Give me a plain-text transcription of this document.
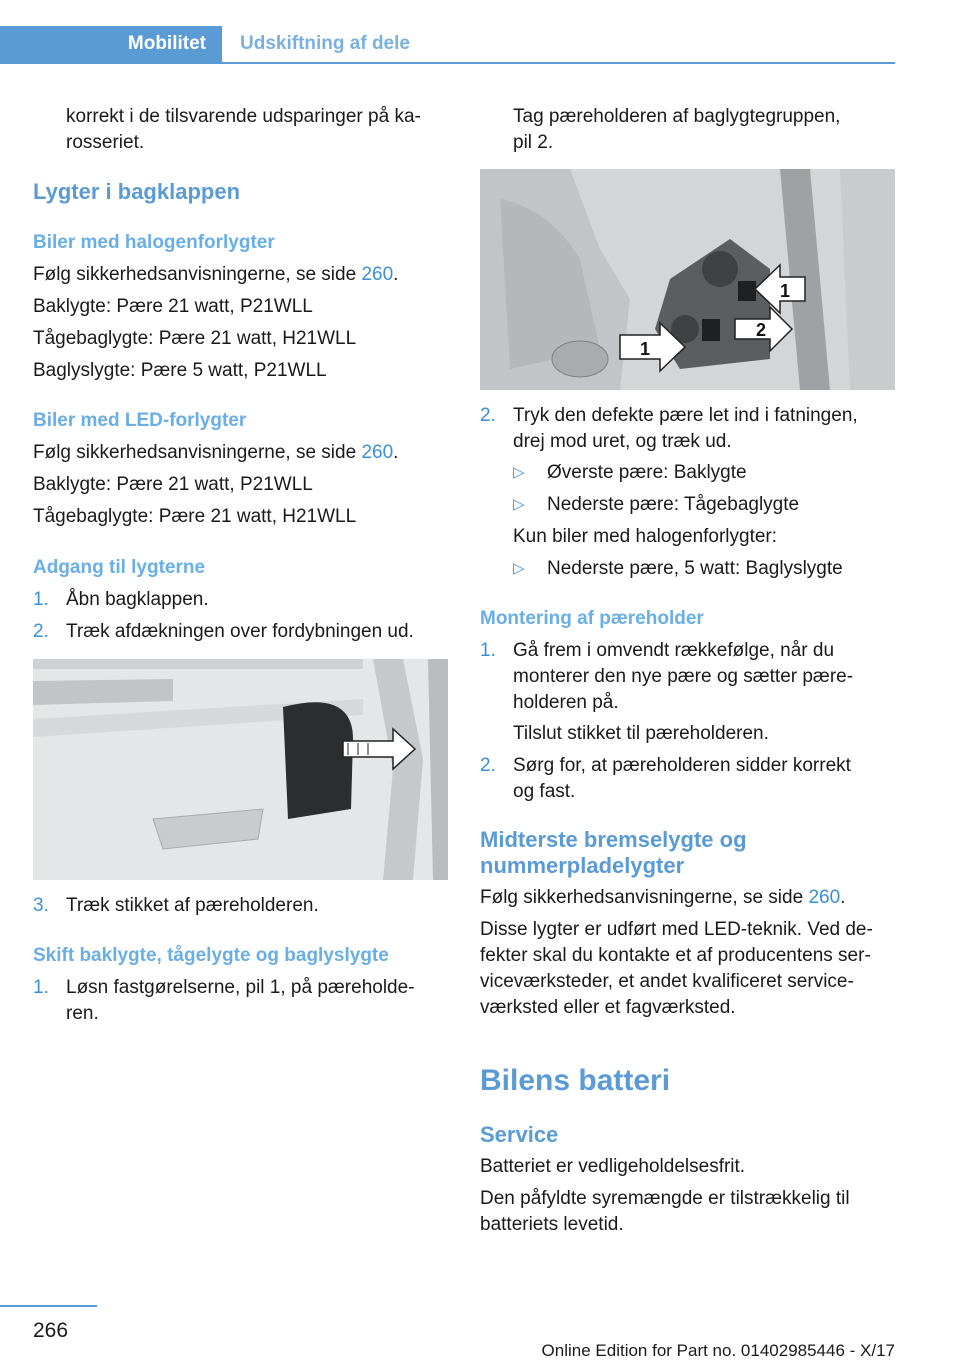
Mobilitet	Udskiftning af dele
korrekt i de tilsvarende udsparinger på ka‐
rosseriet.
Lygter i bagklappen
Biler med halogenforlygter
Følg sikkerhedsanvisningerne, se side 260.
Baklygte: Pære 21 watt, P21WLL
Tågebaglygte: Pære 21 watt, H21WLL
Baglyslygte: Pære 5 watt, P21WLL
Biler med LED-forlygter
Følg sikkerhedsanvisningerne, se side 260.
Baklygte: Pære 21 watt, P21WLL
Tågebaglygte: Pære 21 watt, H21WLL
Adgang til lygterne
1. Åbn bagklappen.
2. Træk afdækningen over fordybningen ud.
3. Træk stikket af pæreholderen.
Skift baklygte, tågelygte og baglyslygte
1. Løsn fastgørelserne, pil 1, på pæreholde‐
ren.
Tag pæreholderen af baglygtegruppen,
pil 2.
1
1
2
2. Tryk den defekte pære let ind i fatningen,
drej mod uret, og træk ud.
▷ Øverste pære: Baklygte
▷ Nederste pære: Tågebaglygte
Kun biler med halogenforlygter:
▷ Nederste pære, 5 watt: Baglyslygte
Montering af pæreholder
1. Gå frem i omvendt rækkefølge, når du
monterer den nye pære og sætter pære‐
holderen på.
Tilslut stikket til pæreholderen.
2. Sørg for, at pæreholderen sidder korrekt
og fast.
Midterste bremselygte og
nummerpladelygter
Følg sikkerhedsanvisningerne, se side 260.
Disse lygter er udført med LED-teknik. Ved de‐
fekter skal du kontakte et af producentens ser‐
viceværksteder, et andet kvalificeret service‐
værksted eller et fagværksted.
Bilens batteri
Service
Batteriet er vedligeholdelsesfrit.
Den påfyldte syremængde er tilstrækkelig til
batteriets levetid.
266
Online Edition for Part no. 01402985446 - X/17
